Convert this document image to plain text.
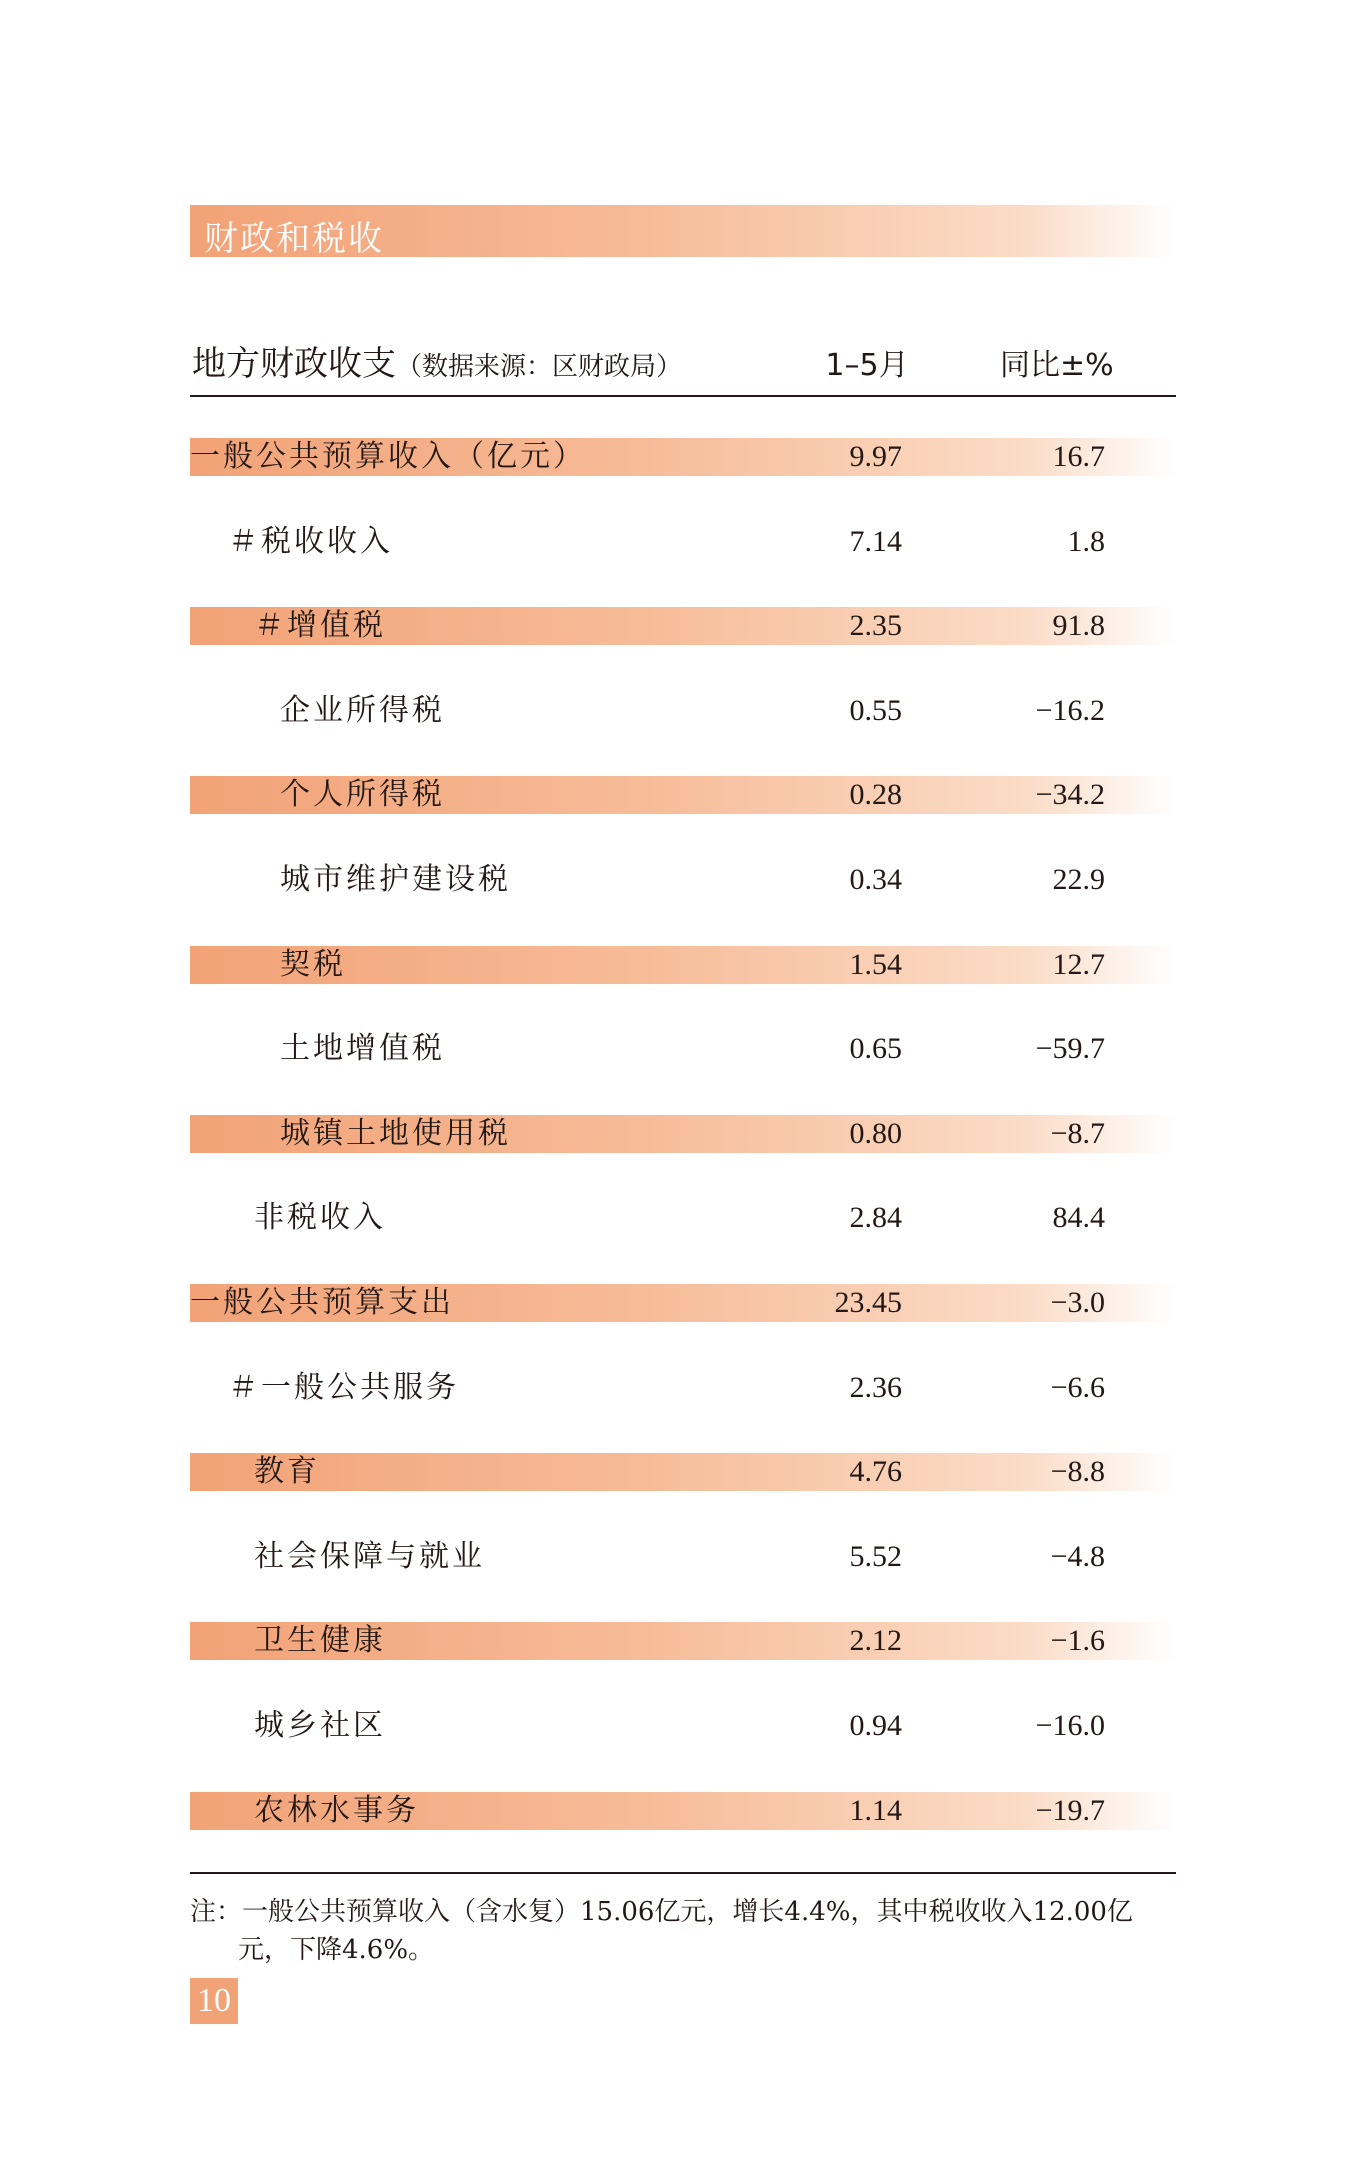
财政和税收
地方财政收支（数据来源：区财政局）	1–5月	同比±%
一般公共预算收入（亿元）	9.97	16.7
＃税收收入	7.14	1.8
＃增值税	2.35	91.8
企业所得税	0.55	−16.2
个人所得税	0.28	−34.2
城市维护建设税	0.34	22.9
契税	1.54	12.7
土地增值税	0.65	−59.7
城镇土地使用税	0.80	−8.7
非税收入	2.84	84.4
一般公共预算支出	23.45	−3.0
＃一般公共服务	2.36	−6.6
教育	4.76	−8.8
社会保障与就业	5.52	−4.8
卫生健康	2.12	−1.6
城乡社区	0.94	−16.0
农林水事务	1.14	−19.7
注：一般公共预算收入（含水复）15.06亿元，增长4.4%，其中税收收入12.00亿
元，下降4.6%。
10
